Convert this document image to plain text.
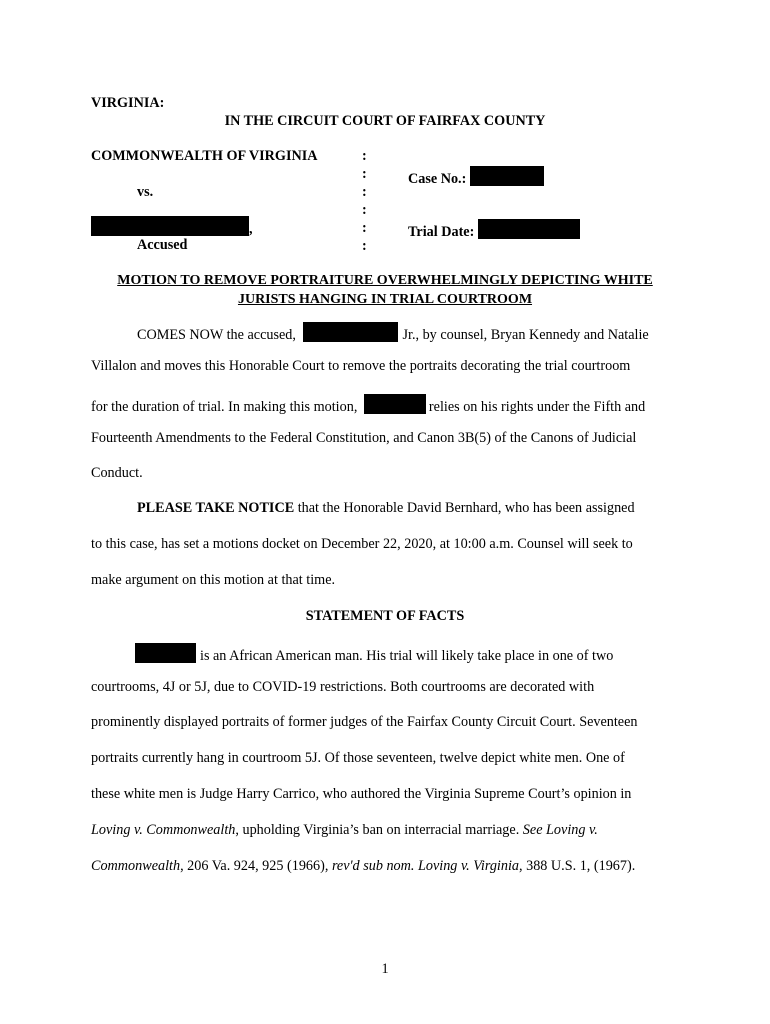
VIRGINIA:
IN THE CIRCUIT COURT OF FAIRFAX COUNTY
COMMONWEALTH OF VIRGINIA
vs.
,
Accused
:
:
:
:
:
:
Case No.:
Trial Date:
MOTION TO REMOVE PORTRAITURE OVERWHELMINGLY DEPICTING WHITE
JURISTS HANGING IN TRIAL COURTROOM
COMES NOW the accused,	Jr., by counsel, Bryan Kennedy and Natalie
Villalon and moves this Honorable Court to remove the portraits decorating the trial courtroom
for the duration of trial. In making this motion,	relies on his rights under the Fifth and
Fourteenth Amendments to the Federal Constitution, and Canon 3B(5) of the Canons of Judicial
Conduct.
PLEASE TAKE NOTICE that the Honorable David Bernhard, who has been assigned
to this case, has set a motions docket on December 22, 2020, at 10:00 a.m. Counsel will seek to
make argument on this motion at that time.
STATEMENT OF FACTS
is an African American man. His trial will likely take place in one of two
courtrooms, 4J or 5J, due to COVID-19 restrictions. Both courtrooms are decorated with
prominently displayed portraits of former judges of the Fairfax County Circuit Court. Seventeen
portraits currently hang in courtroom 5J. Of those seventeen, twelve depict white men. One of
these white men is Judge Harry Carrico, who authored the Virginia Supreme Court’s opinion in
Loving v. Commonwealth, upholding Virginia’s ban on interracial marriage. See Loving v.
Commonwealth, 206 Va. 924, 925 (1966), rev'd sub nom. Loving v. Virginia, 388 U.S. 1, (1967).
1
